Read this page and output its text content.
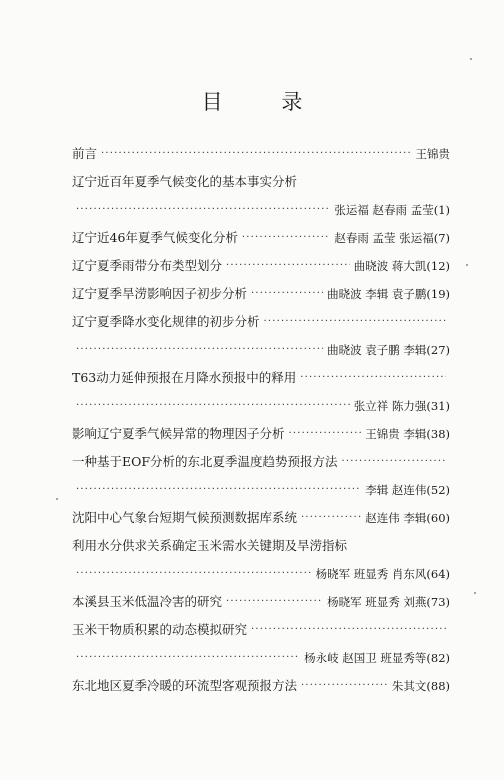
目 录
前言 ·····	王锦贵
辽宁近百年夏季气候变化的基本事实分析
·····
张运福 赵春雨 孟莹(1)
辽宁近46年夏季气候变化分析 ·····	赵春雨 孟莹 张运福(7)
辽宁夏季雨带分布类型划分 ·····	曲晓波 蒋大凯(12)
辽宁夏季旱涝影响因子初步分析 ·····	曲晓波 李辑 袁子鹏(19)
辽宁夏季降水变化规律的初步分析
·····
·····
曲晓波 袁子鹏 李辑(27)
T63动力延伸预报在月降水预报中的释用
·····
·····
张立祥 陈力强(31)
影响辽宁夏季气候异常的物理因子分析 ·····	王锦贵 李辑(38)
一种基于EOF分析的东北夏季温度趋势预报方法
·····
·····
李辑 赵连伟(52)
沈阳中心气象台短期气候预测数据库系统 ·····	赵连伟 李辑(60)
利用水分供求关系确定玉米需水关键期及旱涝指标
·····
杨晓军 班显秀 肖东风(64)
本溪县玉米低温冷害的研究 ·····	杨晓军 班显秀 刘燕(73)
玉米干物质积累的动态模拟研究
·····
·····
杨永岐 赵国卫 班显秀等(82)
东北地区夏季冷暖的环流型客观预报方法 ·····	朱其文(88)
